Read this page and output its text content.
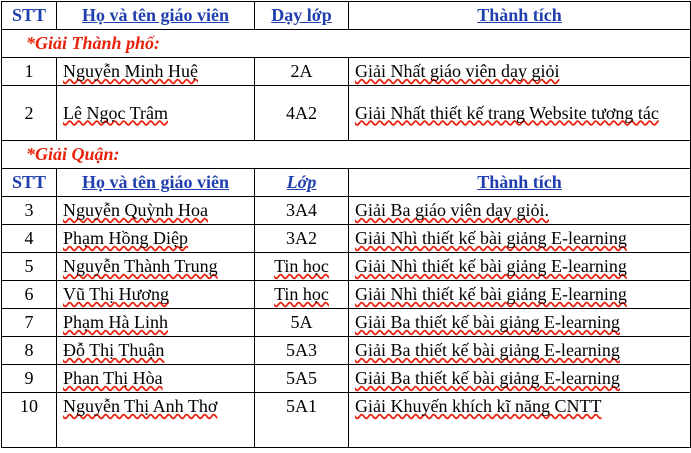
STT	Họ và tên giáo viên	Dạy lớp	Thành tích
*Giải Thành phố:			
1	Nguyễn Minh Huệ	2A	Giải Nhất giáo viên dạy giỏi
2	Lê Ngọc Trâm	4A2	Giải Nhất thiết kế trang Website tương tác
*Giải Quận:			
STT	Họ và tên giáo viên	Lớp	Thành tích
3	Nguyễn Quỳnh Hoa	3A4	Giải Ba giáo viên dạy giỏi.
4	Phạm Hồng Diệp	3A2	Giải Nhì thiết kế bài giảng E-learning
5	Nguyễn Thành Trung	Tin học	Giải Nhì thiết kế bài giảng E-learning
6	Vũ Thị Hương	Tin học	Giải Nhì thiết kế bài giảng E-learning
7	Phạm Hà Linh	5A	Giải Ba thiết kế bài giảng E-learning
8	Đỗ Thị Thuận	5A3	Giải Ba thiết kế bài giảng E-learning
9	Phan Thị Hòa	5A5	Giải Ba thiết kế bài giảng E-learning
10	Nguyễn Thị Anh Thơ	5A1	Giải Khuyến khích kĩ năng CNTT
